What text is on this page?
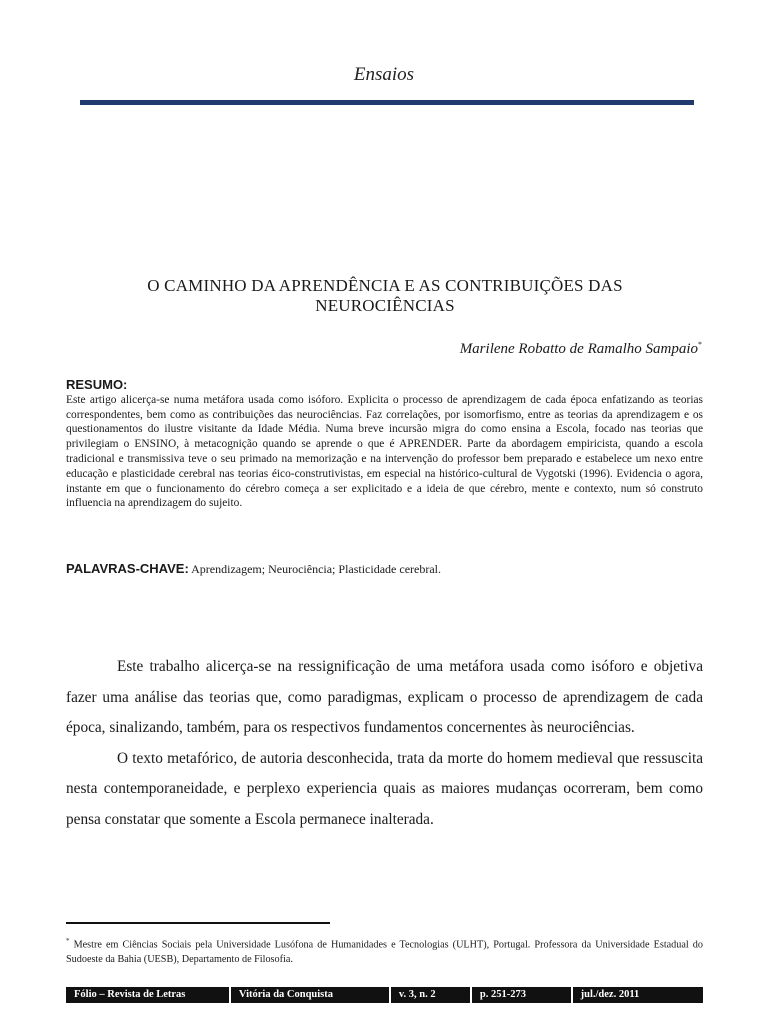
Ensaios
O CAMINHO DA APRENDÊNCIA E AS CONTRIBUIÇÕES DAS
NEUROCIÊNCIAS
Marilene Robatto de Ramalho Sampaio*
RESUMO:
Este artigo alicerça-se numa metáfora usada como isóforo. Explicita o processo de aprendizagem de cada época enfatizando as teorias correspondentes, bem como as contribuições das neurociências. Faz correlações, por isomorfismo, entre as teorias da aprendizagem e os questionamentos do ilustre visitante da Idade Média. Numa breve incursão migra do como ensina a Escola, focado nas teorias que privilegiam o ENSINO, à metacognição quando se aprende o que é APRENDER. Parte da abordagem empiricista, quando a escola tradicional e transmissiva teve o seu primado na memorização e na intervenção do professor bem preparado e estabelece um nexo entre educação e plasticidade cerebral nas teorias éico-construtivistas, em especial na histórico-cultural de Vygotski (1996). Evidencia o agora, instante em que o funcionamento do cérebro começa a ser explicitado e a ideia de que cérebro, mente e contexto, num só construto influencia na aprendizagem do sujeito.
PALAVRAS-CHAVE: Aprendizagem; Neurociência; Plasticidade cerebral.

Este trabalho alicerça-se na ressignificação de uma metáfora usada como isóforo e objetiva fazer uma análise das teorias que, como paradigmas, explicam o processo de aprendizagem de cada época, sinalizando, também, para os respectivos fundamentos concernentes às neurociências.

O texto metafórico, de autoria desconhecida, trata da morte do homem medieval que ressuscita nesta contemporaneidade, e perplexo experiencia quais as maiores mudanças ocorreram, bem como pensa constatar que somente a Escola permanece inalterada.

* Mestre em Ciências Sociais pela Universidade Lusófona de Humanidades e Tecnologias (ULHT), Portugal. Professora da Universidade Estadual do Sudoeste da Bahia (UESB), Departamento de Filosofia.
Fólio – Revista de Letras	Vitória da Conquista	v. 3, n. 2	p. 251-273	jul./dez. 2011
